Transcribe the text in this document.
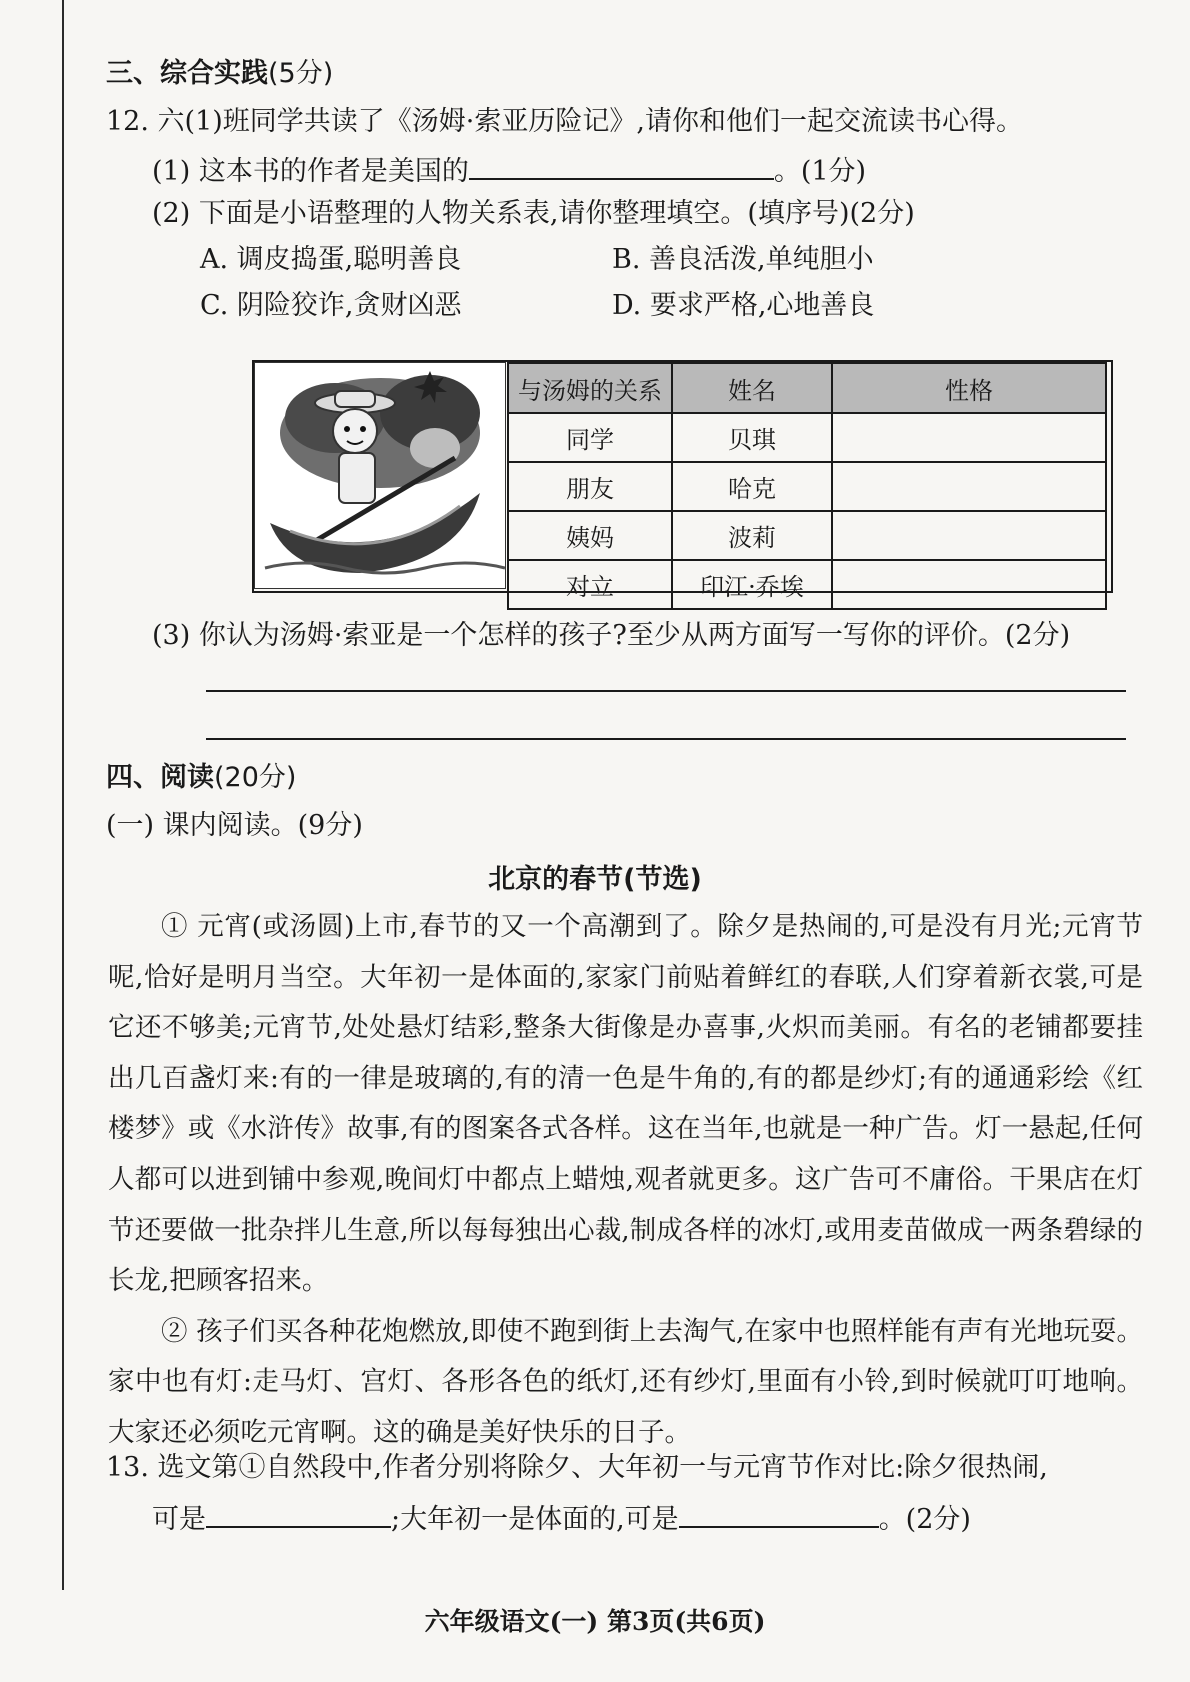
三、综合实践(5分)
12. 六(1)班同学共读了《汤姆·索亚历险记》,请你和他们一起交流读书心得。
(1) 这本书的作者是美国的	。(1分)
(2) 下面是小语整理的人物关系表,请你整理填空。(填序号)(2分)
A. 调皮捣蛋,聪明善良	B. 善良活泼,单纯胆小
C. 阴险狡诈,贪财凶恶	D. 要求严格,心地善良
与汤姆的关系	姓名	性格
同学	贝琪	
朋友	哈克	
姨妈	波莉	
对立	印江·乔埃	
(3) 你认为汤姆·索亚是一个怎样的孩子?至少从两方面写一写你的评价。(2分)
四、阅读(20分)
(一) 课内阅读。(9分)
北京的春节(节选)

① 元宵(或汤圆)上市,春节的又一个高潮到了。除夕是热闹的,可是没有月光;元宵节呢,恰好是明月当空。大年初一是体面的,家家门前贴着鲜红的春联,人们穿着新衣裳,可是它还不够美;元宵节,处处悬灯结彩,整条大街像是办喜事,火炽而美丽。有名的老铺都要挂出几百盏灯来:有的一律是玻璃的,有的清一色是牛角的,有的都是纱灯;有的通通彩绘《红楼梦》或《水浒传》故事,有的图案各式各样。这在当年,也就是一种广告。灯一悬起,任何人都可以进到铺中参观,晚间灯中都点上蜡烛,观者就更多。这广告可不庸俗。干果店在灯节还要做一批杂拌儿生意,所以每每独出心裁,制成各样的冰灯,或用麦苗做成一两条碧绿的长龙,把顾客招来。

② 孩子们买各种花炮燃放,即使不跑到街上去淘气,在家中也照样能有声有光地玩耍。家中也有灯:走马灯、宫灯、各形各色的纸灯,还有纱灯,里面有小铃,到时候就叮叮地响。大家还必须吃元宵啊。这的确是美好快乐的日子。

13. 选文第①自然段中,作者分别将除夕、大年初一与元宵节作对比:除夕很热闹,
可是	;大年初一是体面的,可是	。(2分)
六年级语文(一) 第3页(共6页)
